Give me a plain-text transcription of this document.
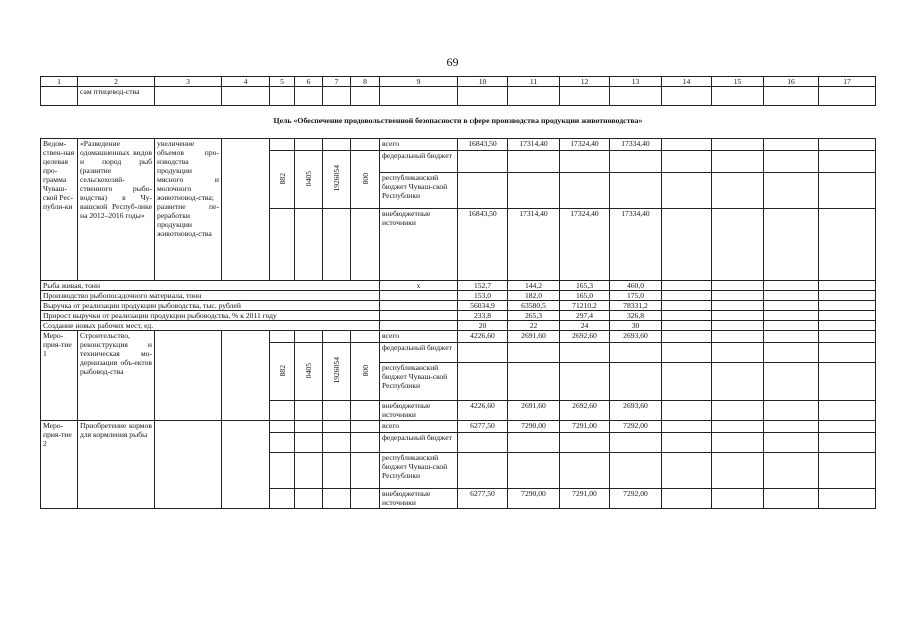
69
1	2	3	4	5	6	7	8	9	10	11	12	13	14	15	16	17
	сам птицевод-ства															
Цель «Обеспечение продовольственной безопасности в сфере производства продукции животноводства»																
Ведом-ствен-ная целевая про-грамма Чуваш-ской Рес-публи-ки	«Разведение одомашненных видов и пород рыб (развитие сельскохозяй-ственного рыбо-водства) в Чу-вашской Респуб-лике на 2012–2016 годы»	увеличение объемов про-изводства продукции мясного и молочного животновод-ства; развитие пе-реработки продукции животновод-ства						всего	16843,50	17314,40	17324,40	17334,40				
				882	0405	1926054	800	федеральный бюджет								
								республиканский бюджет Чуваш-ской Республики								
								внебюджетные источники	16843,50	17314,40	17324,40	17334,40				
Рыба живая, тонн								х	152,7	144,2	165,3	460,0				
Производство рыбопосадочного материала, тонн									153,0	182,0	165,0	175,0				
Выручка от реализации продукции рыбоводства, тыс. рублей									56034,9	63580,5	71210,2	78331,2				
Прирост выручки от реализации продукции рыбоводства, % к 2011 году									233,8	265,3	297,4	326,8				
Создание новых рабочих мест, ед.									20	22	24	30				
Меро-прия-тие 1	Строительство, реконструкция и техническая мо-дернизация объ-ектов рыбовод-ства							всего	4226,60	2691,60	2692,60	2693,60				
				882	0405	1926054	800	федеральный бюджет								
								республиканский бюджет Чуваш-ской Республики								
								внебюджетные источники	4226,60	2691,60	2692,60	2693,60				
Меро-прия-тие 2	Приобретение кормов для кормления рыбы							всего	6277,50	7290,00	7291,00	7292,00				
								федеральный бюджет								
								республиканский бюджет Чуваш-ской Республики								
								внебюджетные источники	6277,50	7290,00	7291,00	7292,00				
